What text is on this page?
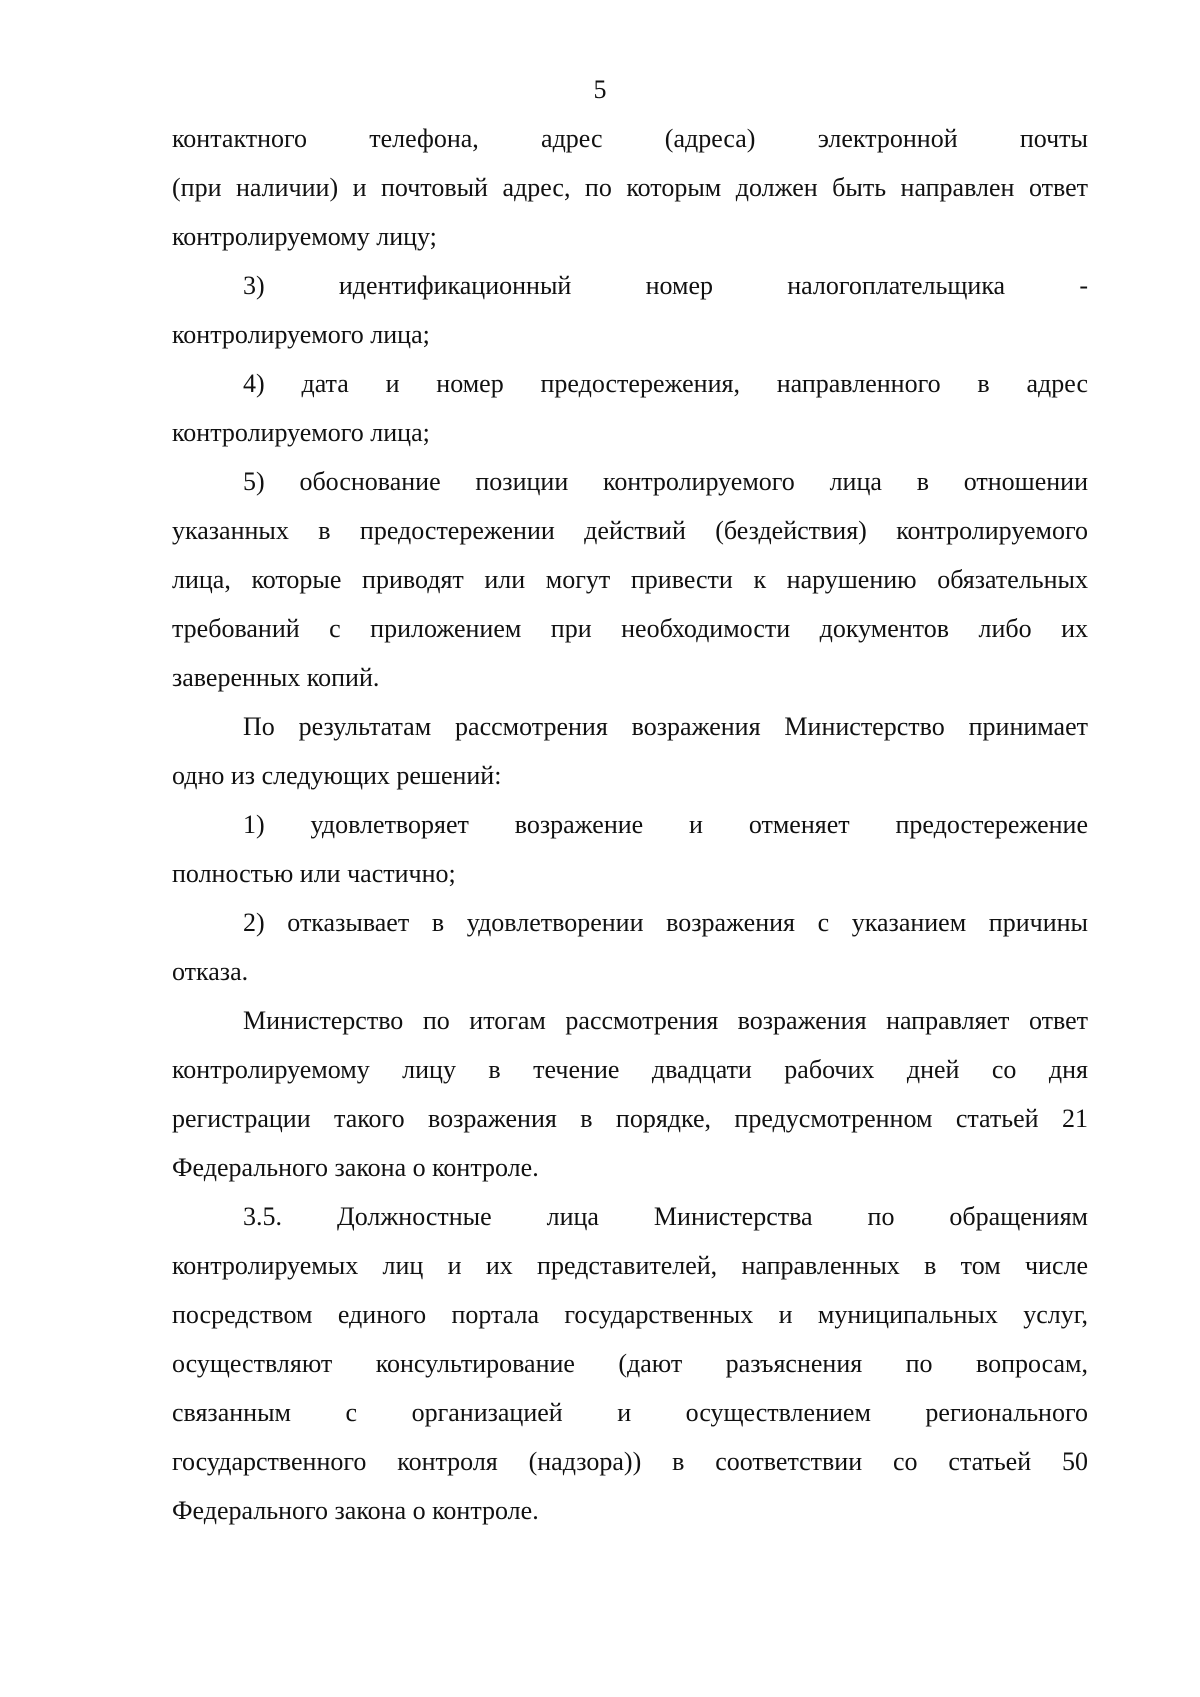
5
контактного телефона, адрес (адреса) электронной почты
(при наличии) и почтовый адрес, по которым должен быть направлен ответ
контролируемому лицу;
3) идентификационный номер налогоплательщика -
контролируемого лица;
4) дата и номер предостережения, направленного в адрес
контролируемого лица;
5) обоснование позиции контролируемого лица в отношении
указанных в предостережении действий (бездействия) контролируемого
лица, которые приводят или могут привести к нарушению обязательных
требований с приложением при необходимости документов либо их
заверенных копий.
По результатам рассмотрения возражения Министерство принимает
одно из следующих решений:
1) удовлетворяет возражение и отменяет предостережение
полностью или частично;
2) отказывает в удовлетворении возражения с указанием причины
отказа.
Министерство по итогам рассмотрения возражения направляет ответ
контролируемому лицу в течение двадцати рабочих дней со дня
регистрации такого возражения в порядке, предусмотренном статьей 21
Федерального закона о контроле.
3.5. Должностные лица Министерства по обращениям
контролируемых лиц и их представителей, направленных в том числе
посредством единого портала государственных и муниципальных услуг,
осуществляют консультирование (дают разъяснения по вопросам,
связанным с организацией и осуществлением регионального
государственного контроля (надзора)) в соответствии со статьей 50
Федерального закона о контроле.
